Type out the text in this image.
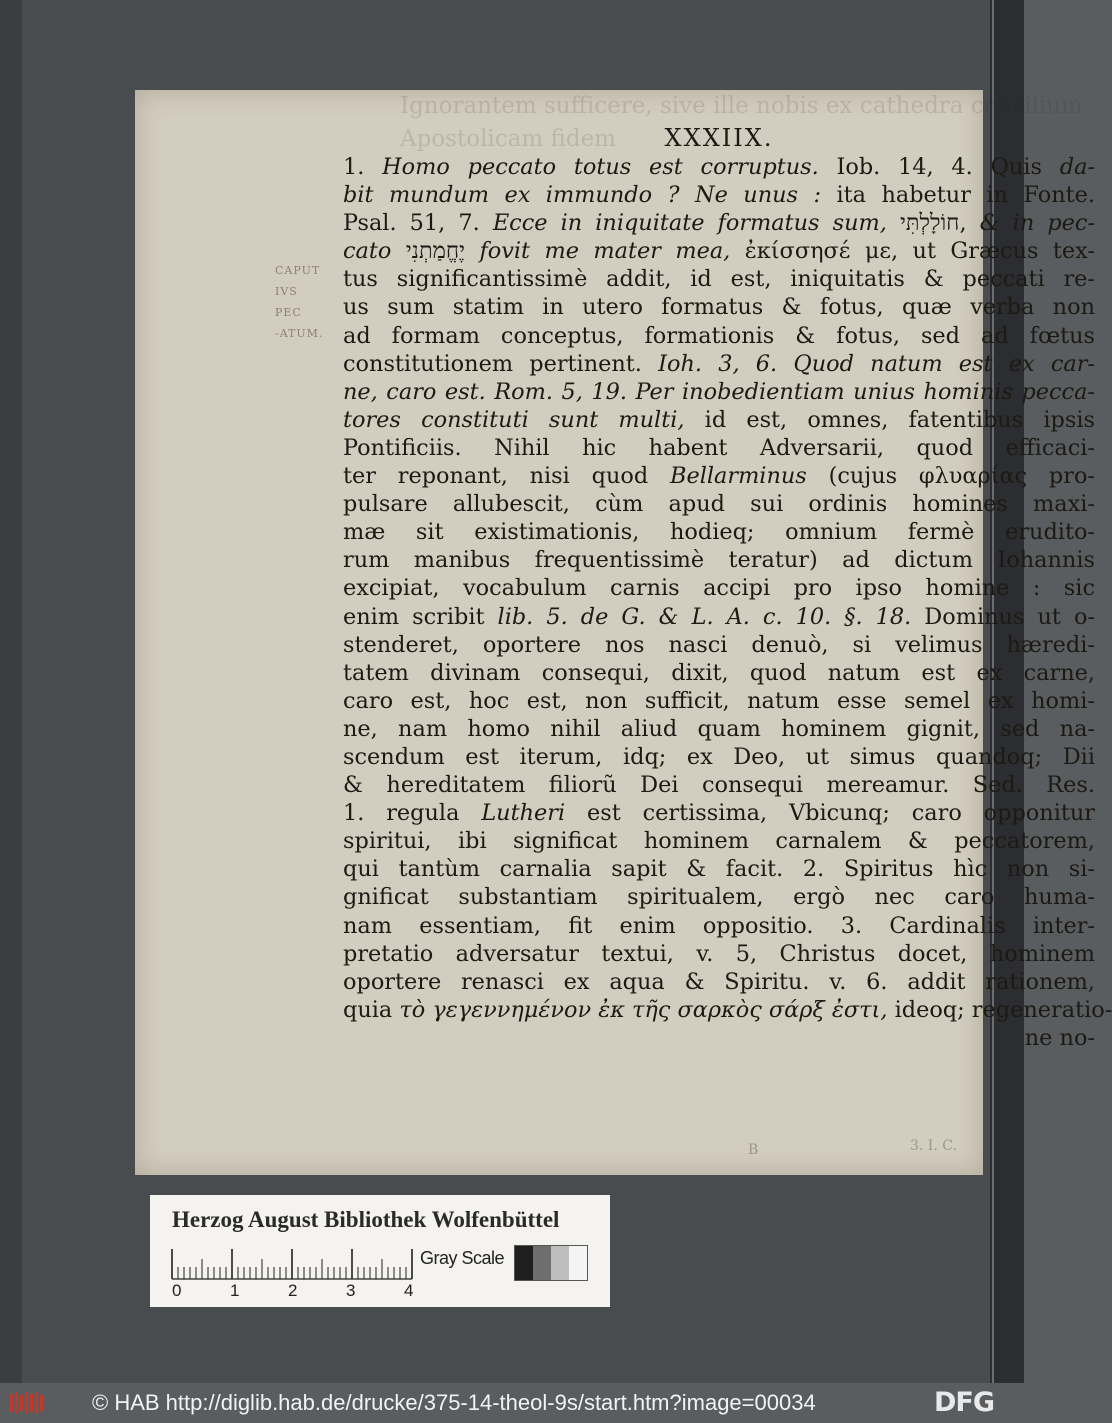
Ignorantem sufficere, sive ille nobis ex cathedra consilium
Apostolicam fidem
CAPUT
IVS
PEC
-ATUM.
XXXIIX.
1. Homo peccato totus est corruptus. Iob. 14, 4. Quis da-
bit mundum ex immundo ? Ne unus : ita habetur in Fonte.
Psal. 51, 7. Ecce in iniquitate formatus sum, חוֹלָלְתִּי, & in pec-
cato יֶחֱמַתְנִי fovit me mater mea, ἐκίσσησέ με, ut Græcus tex-
tus significantissimè addit, id est, iniquitatis & peccati re-
us sum statim in utero formatus & fotus, quæ verba non
ad formam conceptus, formationis & fotus, sed ad fœtus
constitutionem pertinent. Ioh. 3, 6. Quod natum est ex car-
ne, caro est. Rom. 5, 19. Per inobedientiam unius hominis pecca-
tores constituti sunt multi, id est, omnes, fatentibus ipsis
Pontificiis. Nihil hic habent Adversarii, quod efficaci-
ter reponant, nisi quod Bellarminus (cujus φλυαρίας pro-
pulsare allubescit, cùm apud sui ordinis homines maxi-
mæ sit existimationis, hodieq; omnium fermè erudito-
rum manibus frequentissimè teratur) ad dictum Iohannis
excipiat, vocabulum carnis accipi pro ipso homine : sic
enim scribit lib. 5. de G. & L. A. c. 10. §. 18. Dominus ut o-
stenderet, oportere nos nasci denuò, si velimus hæredi-
tatem divinam consequi, dixit, quod natum est ex carne,
caro est, hoc est, non sufficit, natum esse semel ex homi-
ne, nam homo nihil aliud quam hominem gignit, sed na-
scendum est iterum, idq; ex Deo, ut simus quandoq; Dii
& hereditatem filiorũ Dei consequi mereamur. Sed. Res.
1. regula Lutheri est certissima, Vbicunq; caro opponitur
spiritui, ibi significat hominem carnalem & peccatorem,
qui tantùm carnalia sapit & facit. 2. Spiritus hìc non si-
gnificat substantiam spiritualem, ergò nec caro huma-
nam essentiam, fit enim oppositio. 3. Cardinalis inter-
pretatio adversatur textui, v. 5, Christus docet, hominem
oportere renasci ex aqua & Spiritu. v. 6. addit rationem,
quia τὸ γεγεννημένον ἐκ τῆς σαρκὸς σάρξ ἐστι, ideoq; regeneratio-
ne no-
B	3. I. C.
Herzog August Bibliothek Wolfenbüttel
0	1	2	3	4
Gray Scale
© HAB http://diglib.hab.de/drucke/375-14-theol-9s/start.htm?image=00034	DFG
